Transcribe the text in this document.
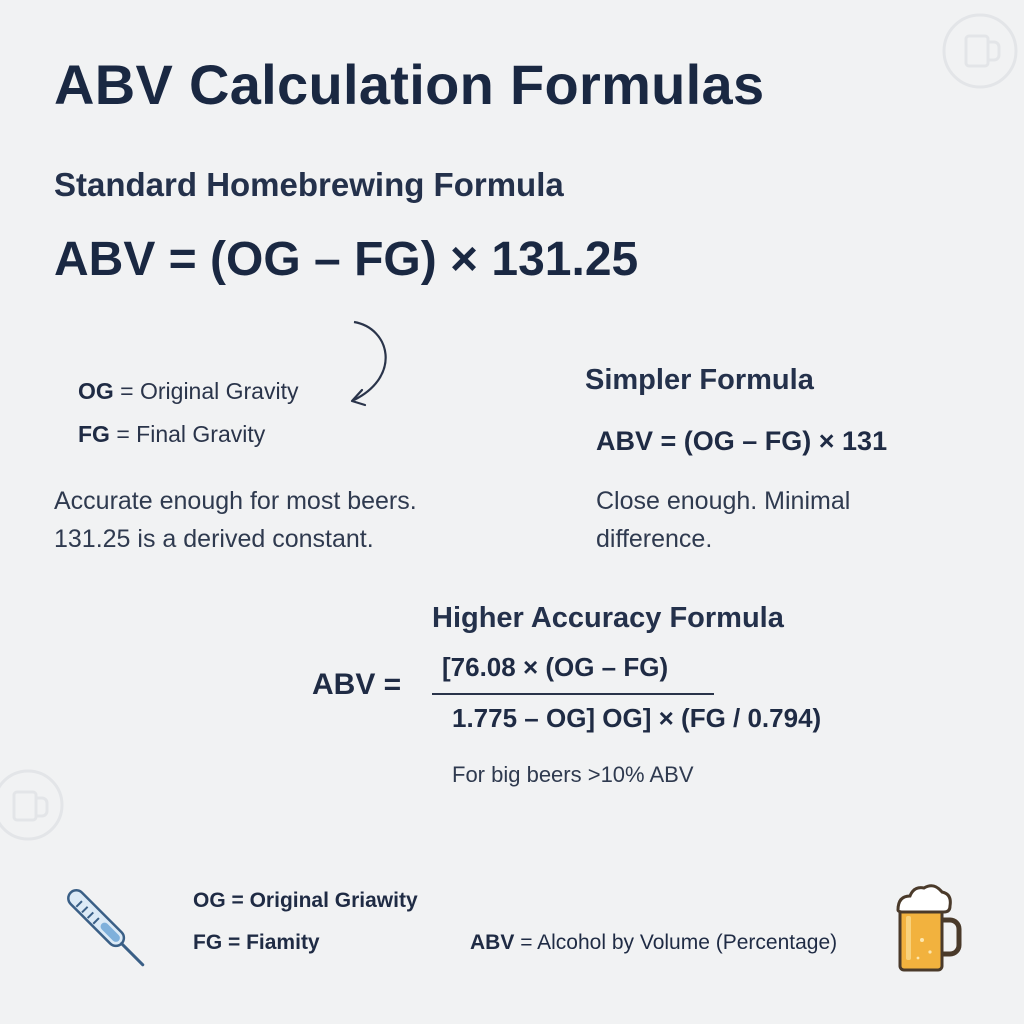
ABV Calculation Formulas
Standard Homebrewing Formula
ABV = (OG – FG) × 131.25
OG = Original Gravity
FG = Final Gravity
Accurate enough for most beers.
131.25 is a derived constant.
Simpler Formula
ABV = (OG – FG) × 131
Close enough. Minimal
difference.
Higher Accuracy Formula
ABV =
[76.08 × (OG – FG)
1.775 – OG] OG] × (FG / 0.794)
For big beers >10% ABV
OG = Original Griawity
FG = Fiamity	ABV = Alcohol by Volume (Percentage)
